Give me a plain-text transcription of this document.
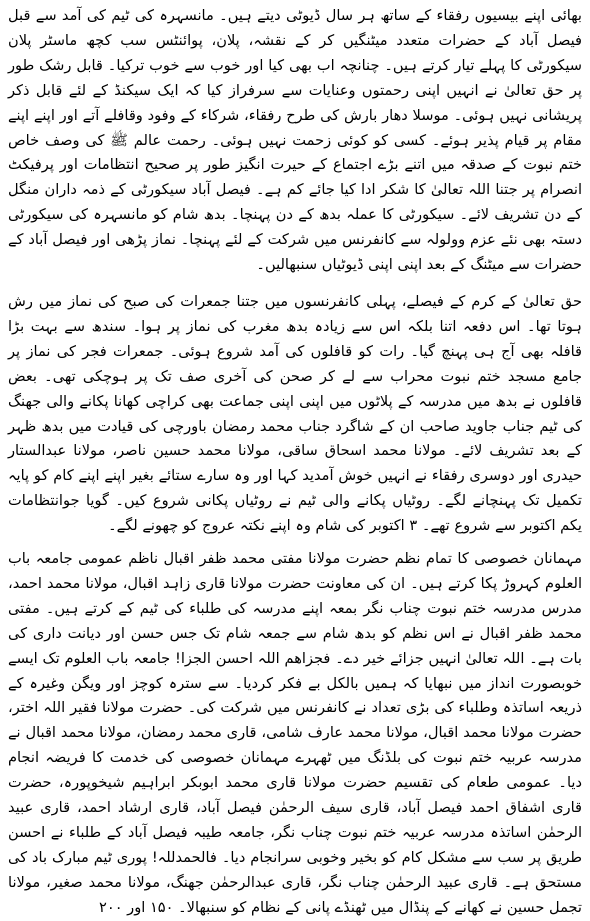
بھائی اپنے بیسیوں رفقاء کے ساتھ ہر سال ڈیوٹی دیتے ہیں۔ مانسہرہ کی ٹیم کی آمد سے قبل فیصل آباد کے حضرات متعدد میٹنگیں کر کے نقشہ، پلان، پوائنٹس سب کچھ ماسٹر پلان سیکورٹی کا پہلے تیار کرتے ہیں۔ چنانچہ اب بھی کیا اور خوب سے خوب ترکیا۔ قابل رشک طور پر حق تعالیٰ نے انہیں اپنی رحمتوں وعنایات سے سرفراز کیا کہ ایک سیکنڈ کے لئے قابل ذکر پریشانی نہیں ہوئی۔ موسلا دھار بارش کی طرح رفقاء، شرکاء کے وفود وقافلے آتے اور اپنے اپنے مقام پر قیام پذیر ہوئے۔ کسی کو کوئی زحمت نہیں ہوئی۔ رحمت عالم ﷺ کی وصف خاص ختم نبوت کے صدقہ میں اتنے بڑے اجتماع کے حیرت انگیز طور پر صحیح انتظامات اور پرفیکٹ انصرام پر جتنا اللہ تعالیٰ کا شکر ادا کیا جائے کم ہے۔ فیصل آباد سیکورٹی کے ذمہ داران منگل کے دن تشریف لائے۔ سیکورٹی کا عملہ بدھ کے دن پہنچا۔ بدھ شام کو مانسہرہ کی سیکورٹی دستہ بھی نئے عزم وولولہ سے کانفرنس میں شرکت کے لئے پہنچا۔ نماز پڑھی اور فیصل آباد کے حضرات سے میٹنگ کے بعد اپنی اپنی ڈیوٹیاں سنبھالیں۔

حق تعالیٰ کے کرم کے فیصلے، پہلی کانفرنسوں میں جتنا جمعرات کی صبح کی نماز میں رش ہوتا تھا۔ اس دفعہ اتنا بلکہ اس سے زیادہ بدھ مغرب کی نماز پر ہوا۔ سندھ سے بہت بڑا قافلہ بھی آج ہی پہنچ گیا۔ رات کو قافلوں کی آمد شروع ہوئی۔ جمعرات فجر کی نماز پر جامع مسجد ختم نبوت محراب سے لے کر صحن کی آخری صف تک پر ہوچکی تھی۔ بعض قافلوں نے بدھ میں مدرسہ کے پلاٹوں میں اپنی اپنی جماعت بھی کراچی کھانا پکانے والی جھنگ کی ٹیم جناب جاوید صاحب ان کے شاگرد جناب محمد رمضان باورچی کی قیادت میں بدھ ظہر کے بعد تشریف لائے۔ مولانا محمد اسحاق ساقی، مولانا محمد حسین ناصر، مولانا عبدالستار حیدری اور دوسری رفقاء نے انہیں خوش آمدید کہا اور وہ سارے ستائے بغیر اپنے اپنے کام کو پایہ تکمیل تک پہنچانے لگے۔ روٹیاں پکانے والی ٹیم نے روٹیاں پکانی شروع کیں۔ گویا جوانتظامات یکم اکتوبر سے شروع تھے۔ ۳ اکتوبر کی شام وہ اپنے نکتہ عروج کو چھونے لگے۔

مہمانان خصوصی کا تمام نظم حضرت مولانا مفتی محمد ظفر اقبال ناظم عمومی جامعہ باب العلوم کہروڑ پکا کرتے ہیں۔ ان کی معاونت حضرت مولانا قاری زاہد اقبال، مولانا محمد احمد، مدرس مدرسہ ختم نبوت چناب نگر بمعہ اپنے مدرسہ کی طلباء کی ٹیم کے کرتے ہیں۔ مفتی محمد ظفر اقبال نے اس نظم کو بدھ شام سے جمعہ شام تک جس حسن اور دیانت داری کی بات ہے۔ اللہ تعالیٰ انہیں جزائے خیر دے۔ فجزاھم اللہ احسن الجزا! جامعہ باب العلوم تک ایسے خوبصورت انداز میں نبھایا کہ ہمیں بالکل بے فکر کردیا۔ سے سترہ کوچز اور ویگن وغیرہ کے ذریعہ اساتذہ وطلباء کی بڑی تعداد نے کانفرنس میں شرکت کی۔ حضرت مولانا فقیر اللہ اختر، حضرت مولانا محمد اقبال، مولانا محمد عارف شامی، قاری محمد رمضان، مولانا محمد اقبال نے مدرسہ عربیہ ختم نبوت کی بلڈنگ میں ٹھہرے مہمانان خصوصی کی خدمت کا فریضہ انجام دیا۔ عمومی طعام کی تقسیم حضرت مولانا قاری محمد ابوبکر ابراہیم شیخوپورہ، حضرت قاری اشفاق احمد فیصل آباد، قاری سیف الرحمٰن فیصل آباد، قاری ارشاد احمد، قاری عبید الرحمٰن اساتذہ مدرسہ عربیہ ختم نبوت چناب نگر، جامعہ طیبہ فیصل آباد کے طلباء نے احسن طریق پر سب سے مشکل کام کو بخیر وخوبی سرانجام دیا۔ فالحمدللہ! پوری ٹیم مبارک باد کی مستحق ہے۔ قاری عبید الرحمٰن چناب نگر، قاری عبدالرحمٰن جھنگ، مولانا محمد صغیر، مولانا تجمل حسین نے کھانے کے پنڈال میں ٹھنڈے پانی کے نظام کو سنبھالا۔ ۱۵۰ اور ۲۰۰
